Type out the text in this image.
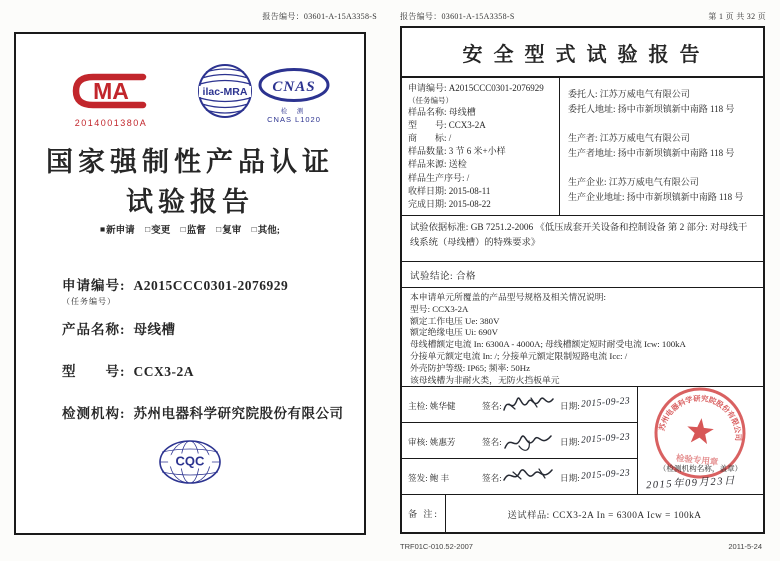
报告编号：03601-A-15A3358-S
MA
2014001380A
ilac-MRA CNAS
检 测
CNAS L1020
国家强制性产品认证
试验报告
■新申请 □变更 □监督 □复审 □其他;
申请编号: A2015CCC0301-2076929
（任务编号）
产品名称: 母线槽
型　　号: CCX3-2A
检测机构: 苏州电器科学研究院股份有限公司
CQC
报告编号：03601-A-15A3358-S	第 1 页 共 32 页
安 全 型 式 试 验 报 告
申请编号: A2015CCC0301-2076929
（任务编号）
样品名称: 母线槽
型　　号: CCX3-2A
商　　标: /
样品数量: 3 节 6 米+小样
样品来源: 送检
样品生产序号: /
收样日期: 2015-08-11
完成日期: 2015-08-22
委托人: 江苏万威电气有限公司
委托人地址: 扬中市新坝镇新中南路 118 号
生产者: 江苏万威电气有限公司
生产者地址: 扬中市新坝镇新中南路 118 号
生产企业: 江苏万威电气有限公司
生产企业地址: 扬中市新坝镇新中南路 118 号
试验依据标准: GB 7251.2-2006 《低压成套开关设备和控制设备 第 2 部分: 对母线干线系统（母线槽）的特殊要求》
试验结论: 合格
本申请单元所覆盖的产品型号规格及相关情况说明:
型号: CCX3-2A
额定工作电压 Ue: 380V
额定绝缘电压 Ui: 690V
母线槽额定电流 In: 6300A - 4000A; 母线槽额定短时耐受电流 Icw: 100kA
分接单元额定电流 In: /; 分接单元额定限制短路电流 Icc: /
外壳防护等级: IP65; 频率: 50Hz
该母线槽为非耐火类，无防火挡板单元
主检: 姚华健	签名:	日期: 2015-09-23
审核: 姚惠芳	签名:	日期: 2015-09-23
签发: 鲍 丰	签名:	日期: 2015-09-23
苏州电器科学研究院股份有限公司
检验专用章
（检测机构名称，盖章）
2015年09月23日
备 注:	送试样品: CCX3-2A In = 6300A Icw = 100kA
TRF01C-010.52-2007	2011-5-24
